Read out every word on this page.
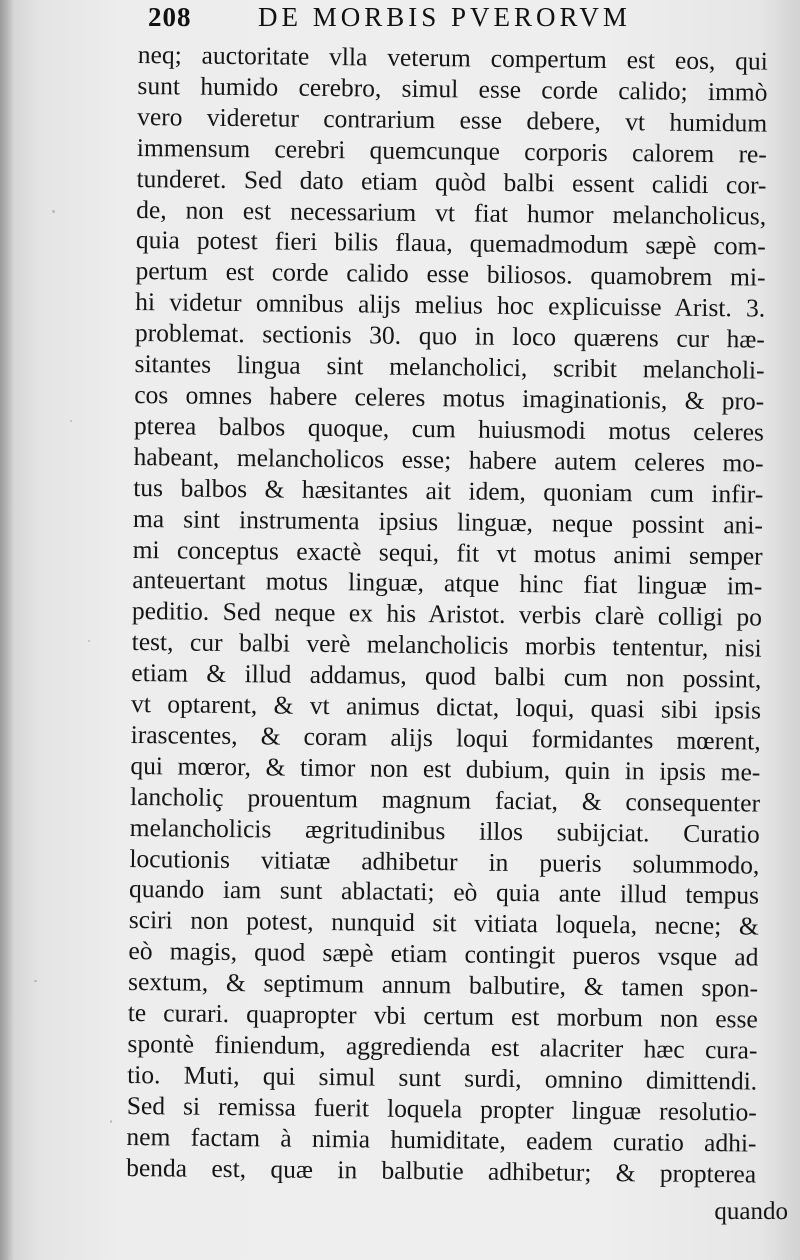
208 DE MORBIS PVERORVM
neq; auctoritate vlla veterum compertum est eos, qui
sunt humido cerebro, simul esse corde calido; immò
vero videretur contrarium esse debere, vt humidum
immensum cerebri quemcunque corporis calorem re-
tunderet. Sed dato etiam quòd balbi essent calidi cor-
de, non est necessarium vt fiat humor melancholicus,
quia potest fieri bilis flaua, quemadmodum sæpè com-
pertum est corde calido esse biliosos. quamobrem mi-
hi videtur omnibus alijs melius hoc explicuisse Arist. 3.
problemat. sectionis 30. quo in loco quærens cur hæ-
sitantes lingua sint melancholici, scribit melancholi-
cos omnes habere celeres motus imaginationis, & pro-
pterea balbos quoque, cum huiusmodi motus celeres
habeant, melancholicos esse; habere autem celeres mo-
tus balbos & hæsitantes ait idem, quoniam cum infir-
ma sint instrumenta ipsius linguæ, neque possint ani-
mi conceptus exactè sequi, fit vt motus animi semper
anteuertant motus linguæ, atque hinc fiat linguæ im-
peditio. Sed neque ex his Aristot. verbis clarè colligi po
test, cur balbi verè melancholicis morbis tententur, nisi
etiam & illud addamus, quod balbi cum non possint,
vt optarent, & vt animus dictat, loqui, quasi sibi ipsis
irascentes, & coram alijs loqui formidantes mœrent,
qui mœror, & timor non est dubium, quin in ipsis me-
lancholiç prouentum magnum faciat, & consequenter
melancholicis ægritudinibus illos subijciat. Curatio
locutionis vitiatæ adhibetur in pueris solummodo,
quando iam sunt ablactati; eò quia ante illud tempus
sciri non potest, nunquid sit vitiata loquela, necne; &
eò magis, quod sæpè etiam contingit pueros vsque ad
sextum, & septimum annum balbutire, & tamen spon-
te curari. quapropter vbi certum est morbum non esse
spontè finiendum, aggredienda est alacriter hæc cura-
tio. Muti, qui simul sunt surdi, omnino dimittendi.
Sed si remissa fuerit loquela propter linguæ resolutio-
nem factam à nimia humiditate, eadem curatio adhi-
benda est, quæ in balbutie adhibetur; & propterea
quando
